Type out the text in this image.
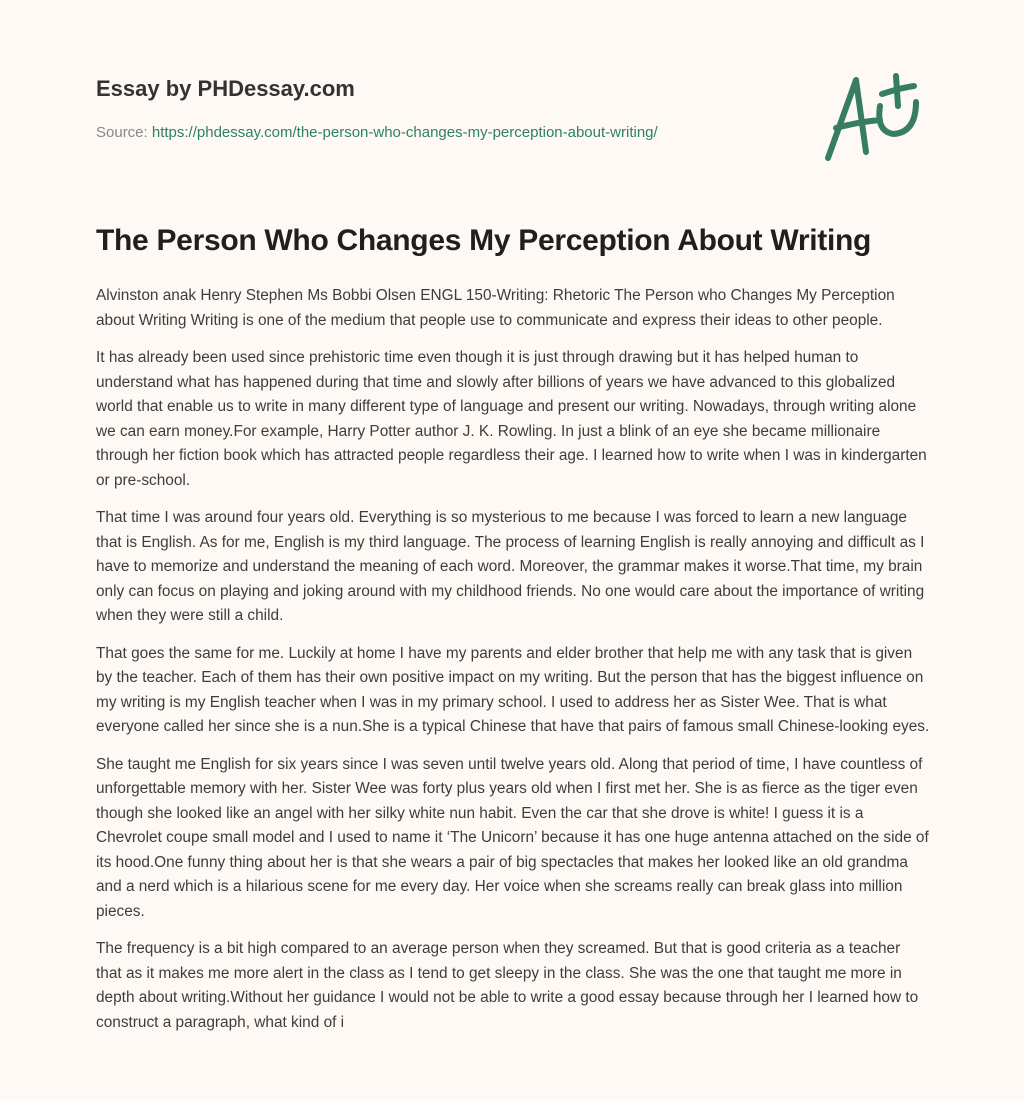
Essay by PHDessay.com
Source: https://phdessay.com/the-person-who-changes-my-perception-about-writing/
The Person Who Changes My Perception About Writing

Alvinston anak Henry Stephen Ms Bobbi Olsen ENGL 150-Writing: Rhetoric The Person who Changes My Perception about Writing Writing is one of the medium that people use to communicate and express their ideas to other people.

It has already been used since prehistoric time even though it is just through drawing but it has helped human to understand what has happened during that time and slowly after billions of years we have advanced to this globalized world that enable us to write in many different type of language and present our writing. Nowadays, through writing alone we can earn money.For example, Harry Potter author J. K. Rowling. In just a blink of an eye she became millionaire through her fiction book which has attracted people regardless their age. I learned how to write when I was in kindergarten or pre-school.

That time I was around four years old. Everything is so mysterious to me because I was forced to learn a new language that is English. As for me, English is my third language. The process of learning English is really annoying and difficult as I have to memorize and understand the meaning of each word. Moreover, the grammar makes it worse.That time, my brain only can focus on playing and joking around with my childhood friends. No one would care about the importance of writing when they were still a child.

That goes the same for me. Luckily at home I have my parents and elder brother that help me with any task that is given by the teacher. Each of them has their own positive impact on my writing. But the person that has the biggest influence on my writing is my English teacher when I was in my primary school. I used to address her as Sister Wee. That is what everyone called her since she is a nun.She is a typical Chinese that have that pairs of famous small Chinese-looking eyes.

She taught me English for six years since I was seven until twelve years old. Along that period of time, I have countless of unforgettable memory with her. Sister Wee was forty plus years old when I first met her. She is as fierce as the tiger even though she looked like an angel with her silky white nun habit. Even the car that she drove is white! I guess it is a Chevrolet coupe small model and I used to name it ‘The Unicorn’ because it has one huge antenna attached on the side of its hood.One funny thing about her is that she wears a pair of big spectacles that makes her looked like an old grandma and a nerd which is a hilarious scene for me every day. Her voice when she screams really can break glass into million pieces.

The frequency is a bit high compared to an average person when they screamed. But that is good criteria as a teacher that as it makes me more alert in the class as I tend to get sleepy in the class. She was the one that taught me more in depth about writing.Without her guidance I would not be able to write a good essay because through her I learned how to construct a paragraph, what kind of i
